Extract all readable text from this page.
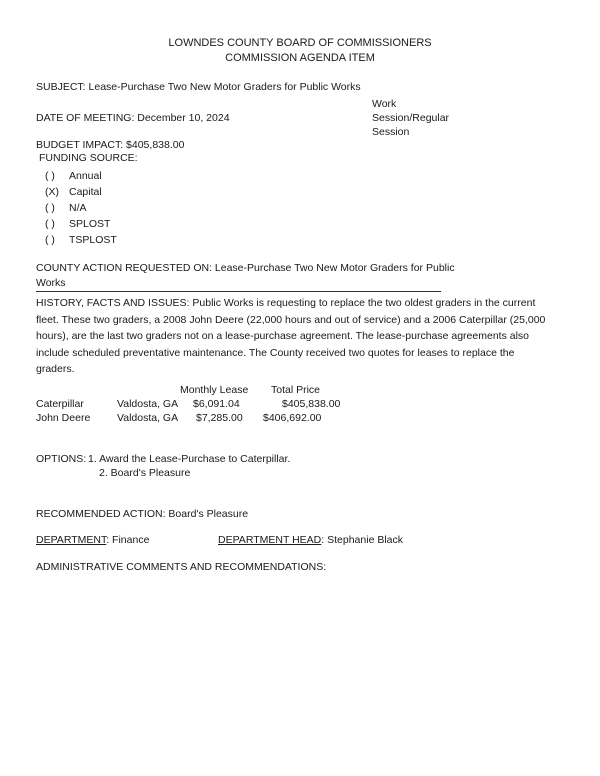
LOWNDES COUNTY BOARD OF COMMISSIONERS
COMMISSION AGENDA ITEM
SUBJECT: Lease-Purchase Two New Motor Graders for Public Works
Work
Session/Regular
Session
DATE OF MEETING: December 10, 2024
BUDGET IMPACT: $405,838.00
FUNDING SOURCE:
( ) Annual
(X) Capital
( ) N/A
( ) SPLOST
( ) TSPLOST
COUNTY ACTION REQUESTED ON: Lease-Purchase Two New Motor Graders for Public
Works
HISTORY, FACTS AND ISSUES: Public Works is requesting to replace the two oldest graders in the current fleet. These two graders, a 2008 John Deere (22,000 hours and out of service) and a 2006 Caterpillar (25,000 hours), are the last two graders not on a lease-purchase agreement. The lease-purchase agreements also include scheduled preventative maintenance. The County received two quotes for leases to replace the graders.
Monthly Lease Total Price
Caterpillar	Valdosta, GA $6,091.04	$405,838.00
John Deere	Valdosta, GA $7,285.00 $406,692.00
OPTIONS: 1. Award the Lease-Purchase to Caterpillar.
2. Board's Pleasure
RECOMMENDED ACTION: Board's Pleasure
DEPARTMENT: Finance	DEPARTMENT HEAD: Stephanie Black
ADMINISTRATIVE COMMENTS AND RECOMMENDATIONS:
